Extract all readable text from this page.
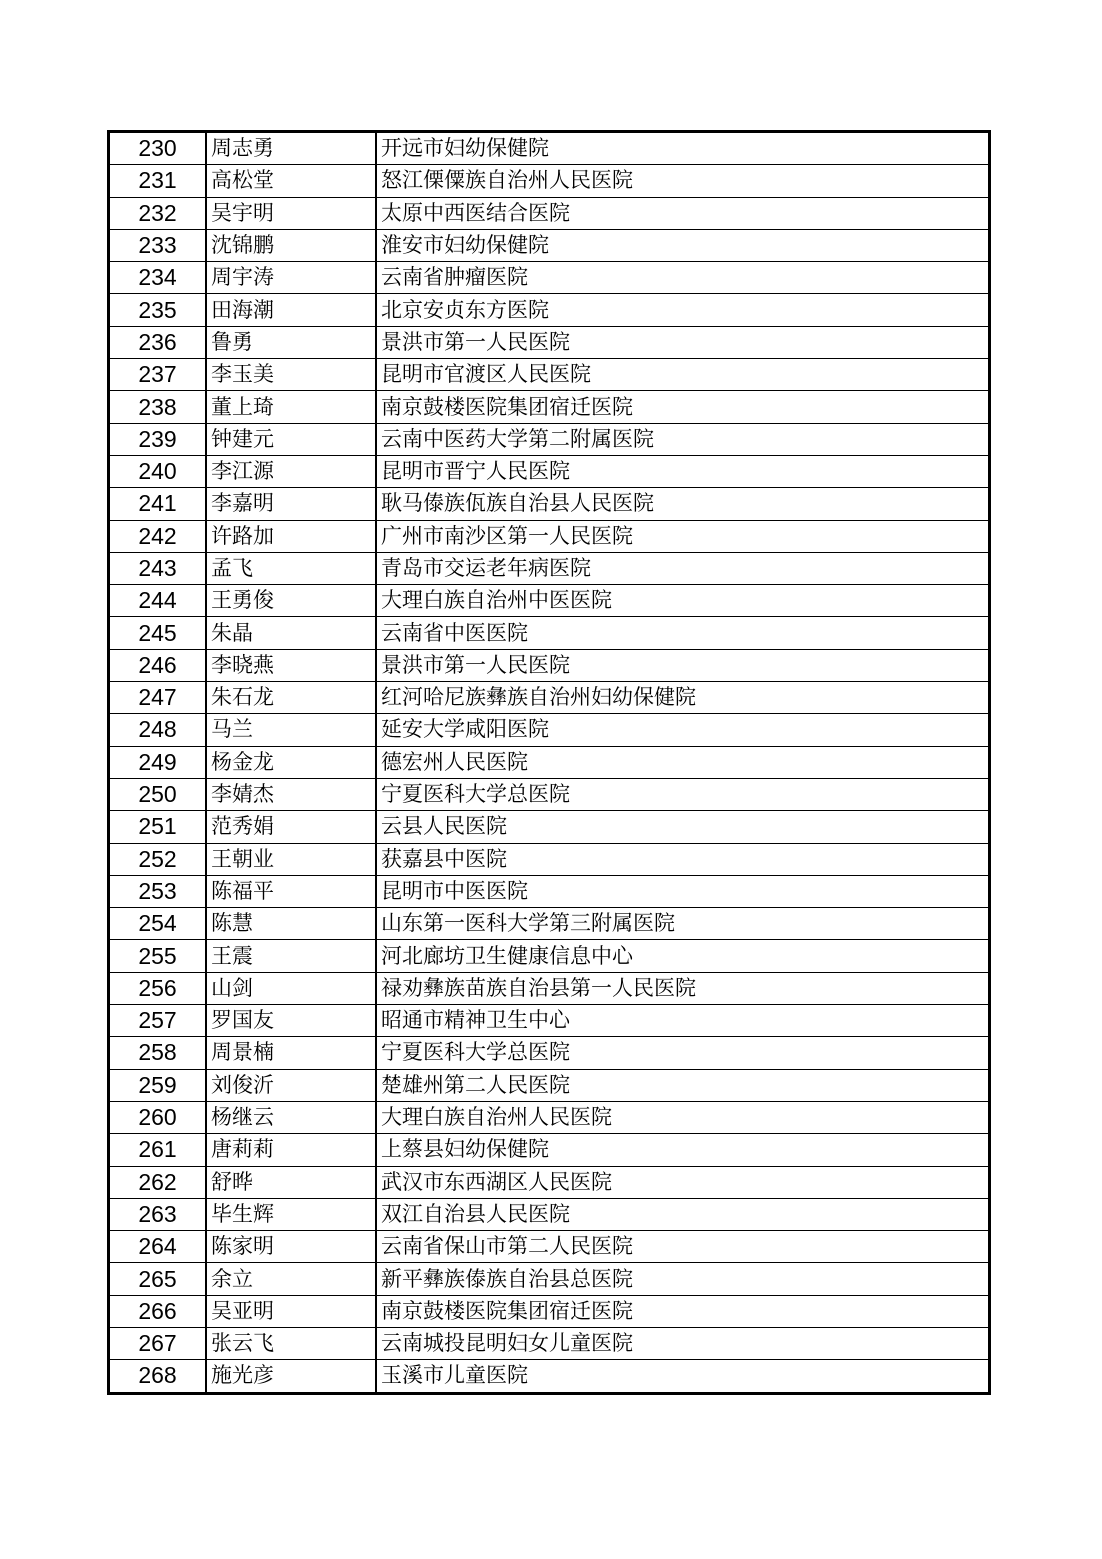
230	周志勇	开远市妇幼保健院
231	高松堂	怒江傈僳族自治州人民医院
232	吴宇明	太原中西医结合医院
233	沈锦鹏	淮安市妇幼保健院
234	周宇涛	云南省肿瘤医院
235	田海潮	北京安贞东方医院
236	鲁勇	景洪市第一人民医院
237	李玉美	昆明市官渡区人民医院
238	董上琦	南京鼓楼医院集团宿迁医院
239	钟建元	云南中医药大学第二附属医院
240	李江源	昆明市晋宁人民医院
241	李嘉明	耿马傣族佤族自治县人民医院
242	许路加	广州市南沙区第一人民医院
243	孟飞	青岛市交运老年病医院
244	王勇俊	大理白族自治州中医医院
245	朱晶	云南省中医医院
246	李晓燕	景洪市第一人民医院
247	朱石龙	红河哈尼族彝族自治州妇幼保健院
248	马兰	延安大学咸阳医院
249	杨金龙	德宏州人民医院
250	李婧杰	宁夏医科大学总医院
251	范秀娟	云县人民医院
252	王朝业	获嘉县中医院
253	陈福平	昆明市中医医院
254	陈慧	山东第一医科大学第三附属医院
255	王震	河北廊坊卫生健康信息中心
256	山剑	禄劝彝族苗族自治县第一人民医院
257	罗国友	昭通市精神卫生中心
258	周景楠	宁夏医科大学总医院
259	刘俊沂	楚雄州第二人民医院
260	杨继云	大理白族自治州人民医院
261	唐莉莉	上蔡县妇幼保健院
262	舒晔	武汉市东西湖区人民医院
263	毕生辉	双江自治县人民医院
264	陈家明	云南省保山市第二人民医院
265	余立	新平彝族傣族自治县总医院
266	吴亚明	南京鼓楼医院集团宿迁医院
267	张云飞	云南城投昆明妇女儿童医院
268	施光彦	玉溪市儿童医院
